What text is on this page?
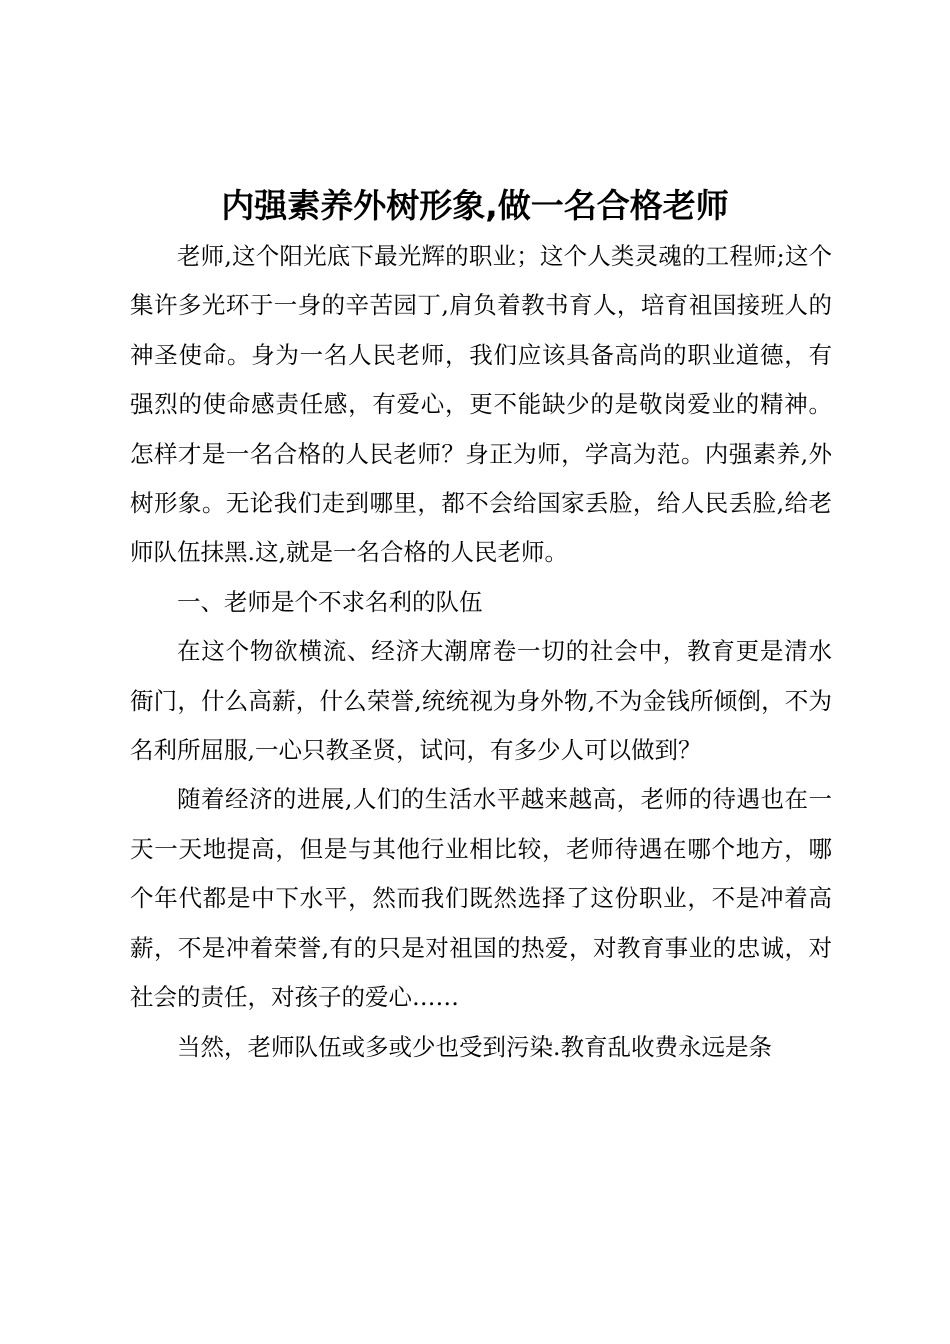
内强素养外树形象,做一名合格老师

老师,这个阳光底下最光辉的职业；这个人类灵魂的工程师;这个集许多光环于一身的辛苦园丁,肩负着教书育人，培育祖国接班人的神圣使命。身为一名人民老师，我们应该具备高尚的职业道德，有强烈的使命感责任感，有爱心，更不能缺少的是敬岗爱业的精神。怎样才是一名合格的人民老师？身正为师，学高为范。内强素养,外树形象。无论我们走到哪里，都不会给国家丢脸，给人民丢脸,给老师队伍抹黑.这,就是一名合格的人民老师。

一、老师是个不求名利的队伍

在这个物欲横流、经济大潮席卷一切的社会中，教育更是清水衙门，什么高薪，什么荣誉,统统视为身外物,不为金钱所倾倒，不为名利所屈服,一心只教圣贤，试问，有多少人可以做到？

随着经济的进展,人们的生活水平越来越高，老师的待遇也在一天一天地提高，但是与其他行业相比较，老师待遇在哪个地方，哪个年代都是中下水平，然而我们既然选择了这份职业，不是冲着高薪，不是冲着荣誉,有的只是对祖国的热爱，对教育事业的忠诚，对社会的责任，对孩子的爱心……

当然，老师队伍或多或少也受到污染.教育乱收费永远是条
